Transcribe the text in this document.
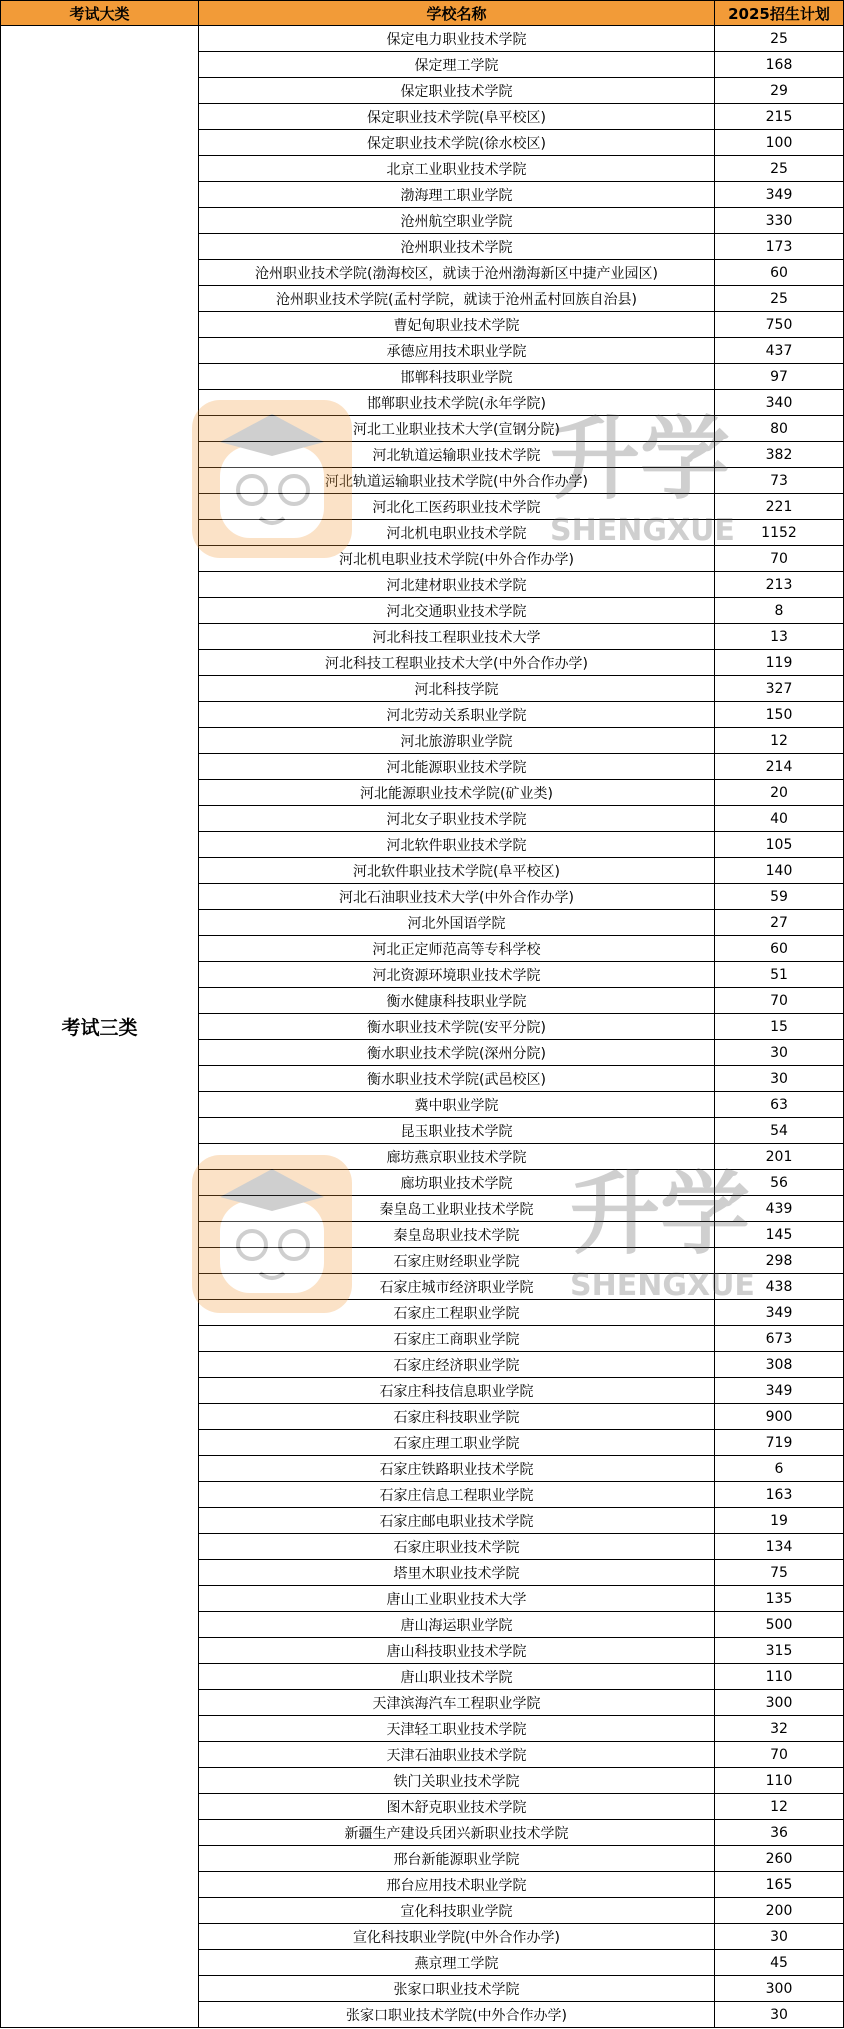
考试大类	学校名称	2025招生计划
考试三类	保定电力职业技术学院	25
	保定理工学院	168
	保定职业技术学院	29
	保定职业技术学院(阜平校区)	215
	保定职业技术学院(徐水校区)	100
	北京工业职业技术学院	25
	渤海理工职业学院	349
	沧州航空职业学院	330
	沧州职业技术学院	173
	沧州职业技术学院(渤海校区，就读于沧州渤海新区中捷产业园区)	60
	沧州职业技术学院(孟村学院，就读于沧州孟村回族自治县)	25
	曹妃甸职业技术学院	750
	承德应用技术职业学院	437
	邯郸科技职业学院	97
	邯郸职业技术学院(永年学院)	340
	河北工业职业技术大学(宣钢分院)	80
	河北轨道运输职业技术学院	382
	河北轨道运输职业技术学院(中外合作办学)	73
	河北化工医药职业技术学院	221
	河北机电职业技术学院	1152
	河北机电职业技术学院(中外合作办学)	70
	河北建材职业技术学院	213
	河北交通职业技术学院	8
	河北科技工程职业技术大学	13
	河北科技工程职业技术大学(中外合作办学)	119
	河北科技学院	327
	河北劳动关系职业学院	150
	河北旅游职业学院	12
	河北能源职业技术学院	214
	河北能源职业技术学院(矿业类)	20
	河北女子职业技术学院	40
	河北软件职业技术学院	105
	河北软件职业技术学院(阜平校区)	140
	河北石油职业技术大学(中外合作办学)	59
	河北外国语学院	27
	河北正定师范高等专科学校	60
	河北资源环境职业技术学院	51
	衡水健康科技职业学院	70
	衡水职业技术学院(安平分院)	15
	衡水职业技术学院(深州分院)	30
	衡水职业技术学院(武邑校区)	30
	冀中职业学院	63
	昆玉职业技术学院	54
	廊坊燕京职业技术学院	201
	廊坊职业技术学院	56
	秦皇岛工业职业技术学院	439
	秦皇岛职业技术学院	145
	石家庄财经职业学院	298
	石家庄城市经济职业学院	438
	石家庄工程职业学院	349
	石家庄工商职业学院	673
	石家庄经济职业学院	308
	石家庄科技信息职业学院	349
	石家庄科技职业学院	900
	石家庄理工职业学院	719
	石家庄铁路职业技术学院	6
	石家庄信息工程职业学院	163
	石家庄邮电职业技术学院	19
	石家庄职业技术学院	134
	塔里木职业技术学院	75
	唐山工业职业技术大学	135
	唐山海运职业学院	500
	唐山科技职业技术学院	315
	唐山职业技术学院	110
	天津滨海汽车工程职业学院	300
	天津轻工职业技术学院	32
	天津石油职业技术学院	70
	铁门关职业技术学院	110
	图木舒克职业技术学院	12
	新疆生产建设兵团兴新职业技术学院	36
	邢台新能源职业学院	260
	邢台应用技术职业学院	165
	宣化科技职业学院	200
	宣化科技职业学院(中外合作办学)	30
	燕京理工学院	45
	张家口职业技术学院	300
	张家口职业技术学院(中外合作办学)	30
升学
SHENGXUE
升学
SHENGXUE
